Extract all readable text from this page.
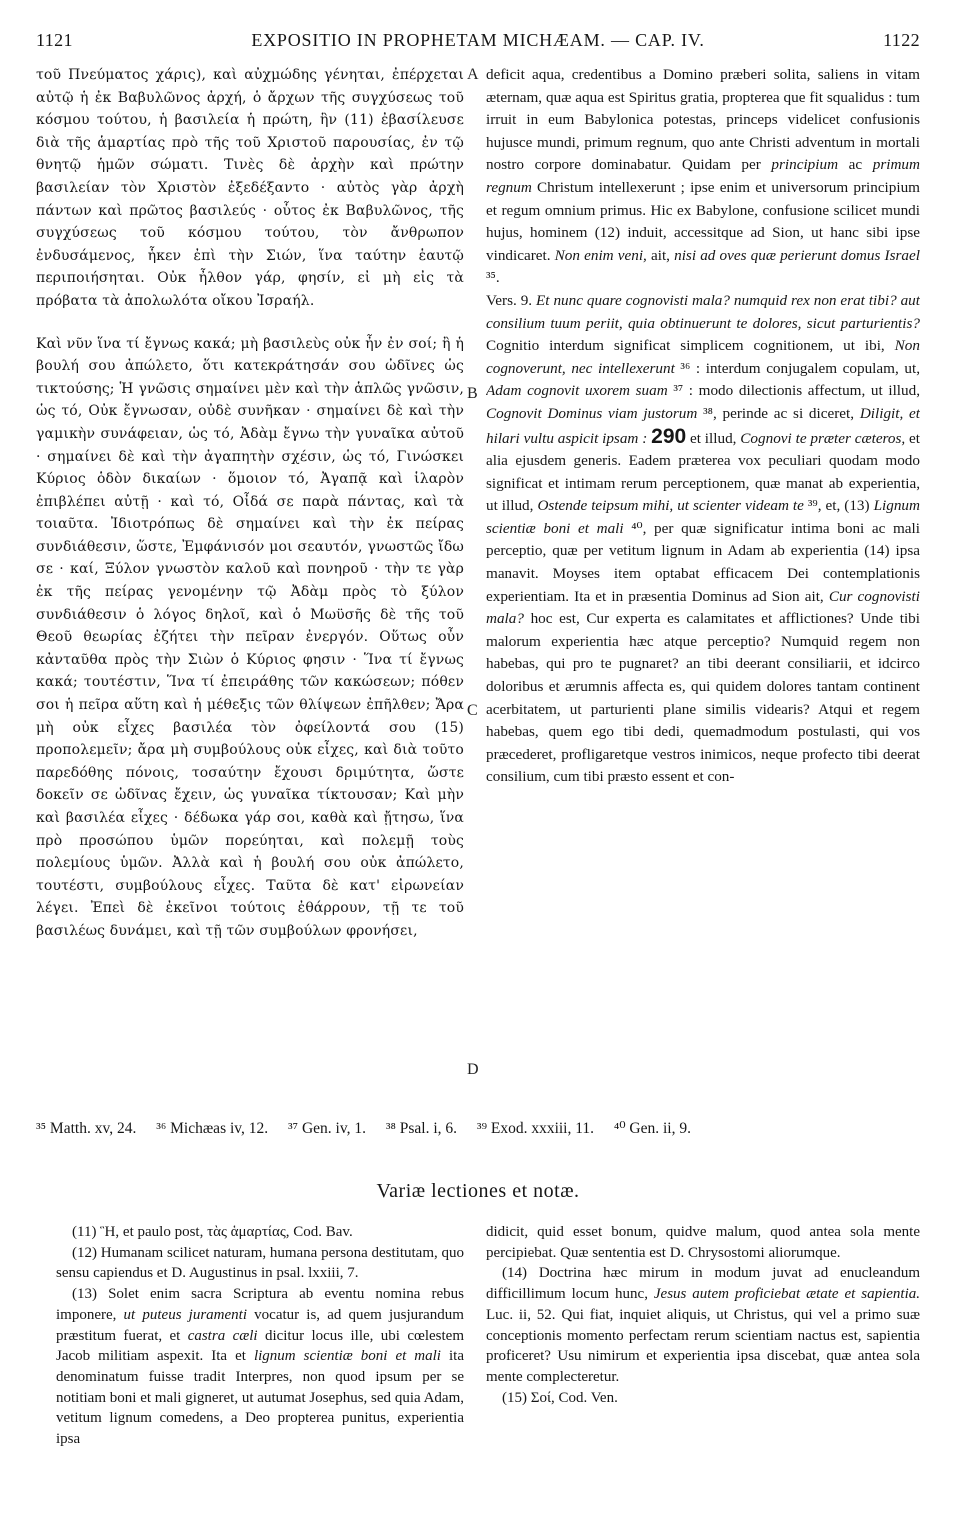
1121	EXPOSITIO IN PROPHETAM MICHÆAM. — CAP. IV.	1122
A
B
C
D

τοῦ Πνεύματος χάρις), καὶ αὐχμώδης γένηται, ἐπέρχεται αὐτῷ ἡ ἐκ Βαβυλῶνος ἀρχή, ὁ ἄρχων τῆς συγχύσεως τοῦ κόσμου τούτου, ἡ βασιλεία ἡ πρώτη, ἣν (11) ἐβασίλευσε διὰ τῆς ἁμαρτίας πρὸ τῆς τοῦ Χριστοῦ παρουσίας, ἐν τῷ θνητῷ ἡμῶν σώματι. Τινὲς δὲ ἀρχὴν καὶ πρώτην βασιλείαν τὸν Χριστὸν ἐξεδέξαντο · αὐτὸς γὰρ ἀρχὴ πάντων καὶ πρῶτος βασιλεύς · οὗτος ἐκ Βαβυλῶνος, τῆς συγχύσεως τοῦ κόσμου τούτου, τὸν ἄνθρωπον ἐνδυσάμενος, ἧκεν ἐπὶ τὴν Σιών, ἵνα ταύτην ἑαυτῷ περιποιήσηται. Οὐκ ἦλθον γάρ, φησίν, εἰ μὴ εἰς τὰ πρόβατα τὰ ἀπολωλότα οἴκου Ἰσραήλ.

Καὶ νῦν ἵνα τί ἔγνως κακά; μὴ βασιλεὺς οὐκ ἦν ἐν σοί; ἢ ἡ βουλή σου ἀπώλετο, ὅτι κατεκράτησάν σου ὠδῖνες ὡς τικτούσης; Ἡ γνῶσις σημαίνει μὲν καὶ τὴν ἁπλῶς γνῶσιν, ὡς τό, Οὐκ ἔγνωσαν, οὐδὲ συνῆκαν · σημαίνει δὲ καὶ τὴν γαμικὴν συνάφειαν, ὡς τό, Ἀδὰμ ἔγνω τὴν γυναῖκα αὐτοῦ · σημαίνει δὲ καὶ τὴν ἀγαπητὴν σχέσιν, ὡς τό, Γινώσκει Κύριος ὁδὸν δικαίων · ὅμοιον τό, Ἀγαπᾷ καὶ ἱλαρὸν ἐπιβλέπει αὐτῇ · καὶ τό, Οἶδά σε παρὰ πάντας, καὶ τὰ τοιαῦτα. Ἰδιοτρόπως δὲ σημαίνει καὶ τὴν ἐκ πείρας συνδιάθεσιν, ὥστε, Ἐμφάνισόν μοι σεαυτόν, γνωστῶς ἴδω σε · καί, Ξύλον γνωστὸν καλοῦ καὶ πονηροῦ · τὴν τε γὰρ ἐκ τῆς πείρας γενομένην τῷ Ἀδὰμ πρὸς τὸ ξύλον συνδιάθεσιν ὁ λόγος δηλοῖ, καὶ ὁ Μωϋσῆς δὲ τῆς τοῦ Θεοῦ θεωρίας ἐζήτει τὴν πεῖραν ἐνεργόν. Οὕτως οὖν κἀνταῦθα πρὸς τὴν Σιὼν ὁ Κύριος φησιν · Ἵνα τί ἔγνως κακά; τουτέστιν, Ἵνα τί ἐπειράθης τῶν κακώσεων; πόθεν σοι ἡ πεῖρα αὕτη καὶ ἡ μέθεξις τῶν θλίψεων ἐπῆλθεν; Ἄρα μὴ οὐκ εἶχες βασιλέα τὸν ὀφείλοντά σου (15) προπολεμεῖν; ἄρα μὴ συμβούλους οὐκ εἶχες, καὶ διὰ τοῦτο παρεδόθης πόνοις, τοσαύτην ἔχουσι δριμύτητα, ὥστε δοκεῖν σε ὠδῖνας ἔχειν, ὡς γυναῖκα τίκτουσαν; Καὶ μὴν καὶ βασιλέα εἶχες · δέδωκα γάρ σοι, καθὰ καὶ ᾔτησω, ἵνα πρὸ προσώπου ὑμῶν πορεύηται, καὶ πολεμῇ τοὺς πολεμίους ὑμῶν. Ἀλλὰ καὶ ἡ βουλή σου οὐκ ἀπώλετο, τουτέστι, συμβούλους εἶχες. Ταῦτα δὲ κατ' εἰρωνείαν λέγει. Ἐπεὶ δὲ ἐκεῖνοι τούτοις ἐθάρρουν, τῇ τε τοῦ βασιλέως δυνάμει, καὶ τῇ τῶν συμβούλων φρονήσει,

deficit aqua, credentibus a Domino præberi solita, saliens in vitam æternam, quæ aqua est Spiritus gratia, propterea que fit squalidus : tum irruit in eum Babylonica potestas, princeps videlicet confusionis hujusce mundi, primum regnum, quo ante Christi adventum in mortali nostro corpore dominabatur. Quidam per principium ac primum regnum Christum intellexerunt ; ipse enim et universorum principium et regum omnium primus. Hic ex Babylone, confusione scilicet mundi hujus, hominem (12) induit, accessitque ad Sion, ut hanc sibi ipse vindicaret. Non enim veni, ait, nisi ad oves quæ perierunt domus Israel ³⁵.

Vers. 9. Et nunc quare cognovisti mala? numquid rex non erat tibi? aut consilium tuum periit, quia obtinuerunt te dolores, sicut parturientis? Cognitio interdum significat simplicem cognitionem, ut ibi, Non cognoverunt, nec intellexerunt ³⁶ : interdum conjugalem copulam, ut, Adam cognovit uxorem suam ³⁷ : modo dilectionis affectum, ut illud, Cognovit Dominus viam justorum ³⁸, perinde ac si diceret, Diligit, et hilari vultu aspicit ipsam : 290 et illud, Cognovi te præter cæteros, et alia ejusdem generis. Eadem præterea vox peculiari quodam modo significat et intimam rerum perceptionem, quæ manat ab experientia, ut illud, Ostende teipsum mihi, ut scienter videam te ³⁹, et, (13) Lignum scientiæ boni et mali ⁴⁰, per quæ significatur intima boni ac mali perceptio, quæ per vetitum lignum in Adam ab experientia (14) ipsa manavit. Moyses item optabat efficacem Dei contemplationis experientiam. Ita et in præsentia Dominus ad Sion ait, Cur cognovisti mala? hoc est, Cur experta es calamitates et afflictiones? Unde tibi malorum experientia hæc atque perceptio? Numquid regem non habebas, qui pro te pugnaret? an tibi deerant consiliarii, et idcirco doloribus et ærumnis affecta es, qui quidem dolores tantam continent acerbitatem, ut parturienti plane similis videaris? Atqui et regem habebas, quem ego tibi dedi, quemadmodum postulasti, qui vos præcederet, profligaretque vestros inimicos, neque profecto tibi deerat consilium, cum tibi præsto essent et con-

³⁵ Matth. xv, 24. ³⁶ Michæas iv, 12. ³⁷ Gen. iv, 1. ³⁸ Psal. i, 6. ³⁹ Exod. xxxiii, 11. ⁴⁰ Gen. ii, 9.
Variæ lectiones et notæ.

(11) Ἣ, et paulo post, τὰς ἁμαρτίας, Cod. Bav.

(12) Humanam scilicet naturam, humana persona destitutam, quo sensu capiendus et D. Augustinus in psal. lxxiii, 7.

(13) Solet enim sacra Scriptura ab eventu nomina rebus imponere, ut puteus juramenti vocatur is, ad quem jusjurandum præstitum fuerat, et castra cæli dicitur locus ille, ubi cœlestem Jacob militiam aspexit. Ita et lignum scientiæ boni et mali ita denominatum fuisse tradit Interpres, non quod ipsum per se notitiam boni et mali gigneret, ut autumat Josephus, sed quia Adam, vetitum lignum comedens, a Deo propterea punitus, experientia ipsa

didicit, quid esset bonum, quidve malum, quod antea sola mente percipiebat. Quæ sententia est D. Chrysostomi aliorumque.

(14) Doctrina hæc mirum in modum juvat ad enucleandum difficillimum locum hunc, Jesus autem proficiebat ætate et sapientia. Luc. ii, 52. Qui fiat, inquiet aliquis, ut Christus, qui vel a primo suæ conceptionis momento perfectam rerum scientiam nactus est, sapientia proficeret? Usu nimirum et experientia ipsa discebat, quæ antea sola mente complecteretur.

(15) Σοί, Cod. Ven.
